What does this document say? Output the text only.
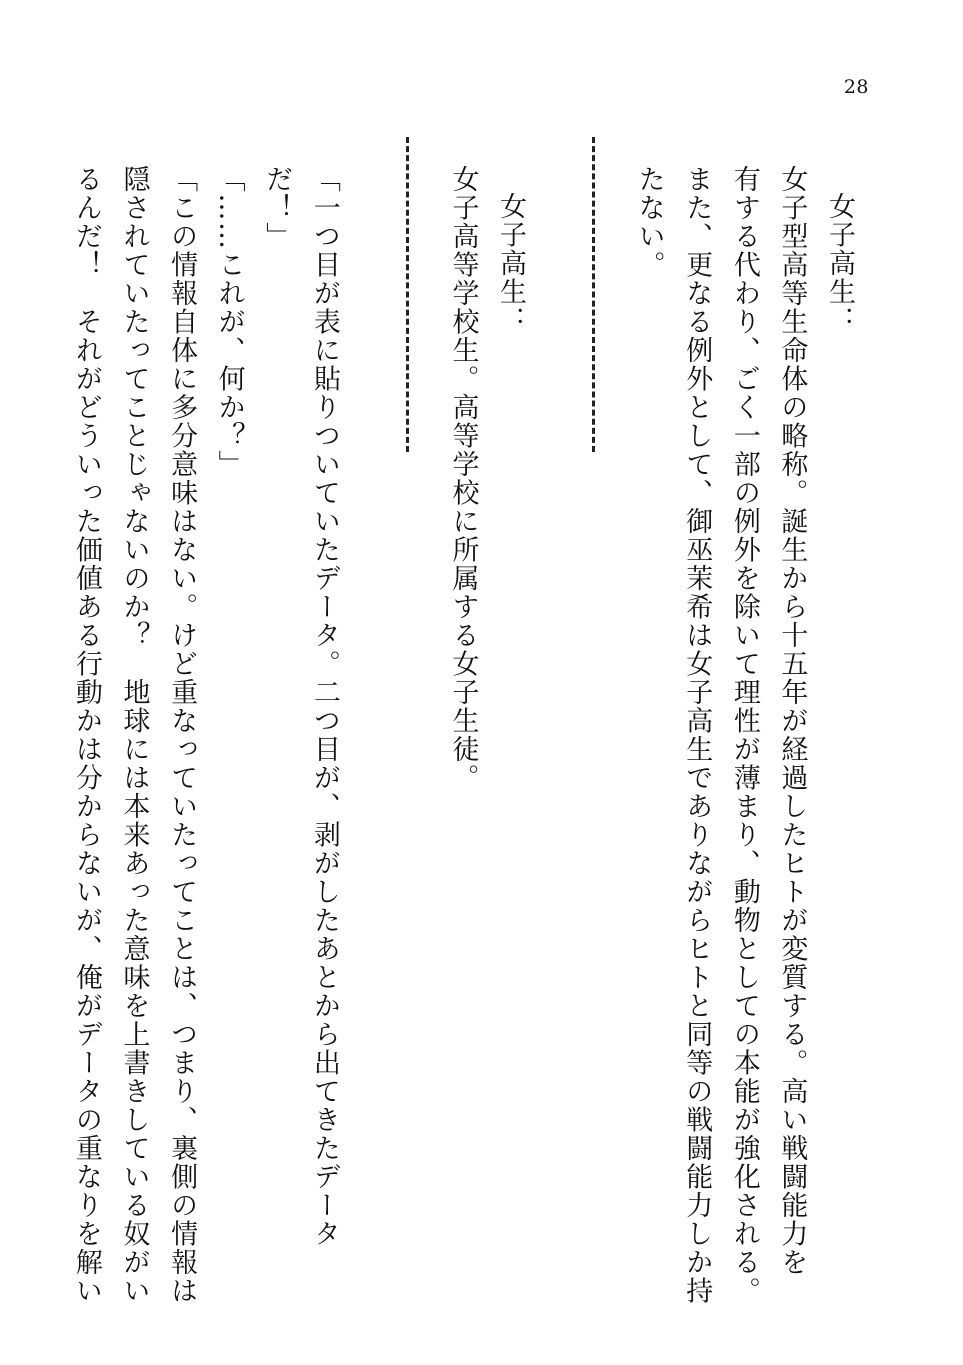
28
女子高生：
女子型高等生命体の略称。誕生から十五年が経過したヒトが変質する。高い戦闘能力を
有する代わり、ごく一部の例外を除いて理性が薄まり、動物としての本能が強化される。
また、更なる例外として、御巫茉希は女子高生でありながらヒトと同等の戦闘能力しか持
たない。
女子高生：
女子高等学校生。高等学校に所属する女子生徒。
「一つ目が表に貼りついていたデータ。二つ目が、剥がしたあとから出てきたデータ
だ！」
「……これが、何か？」
「この情報自体に多分意味はない。けど重なっていたってことは、つまり、裏側の情報は
隠されていたってことじゃないのか？　地球には本来あった意味を上書きしている奴がい
るんだ！　それがどういった価値ある行動かは分からないが、俺がデータの重なりを解い
